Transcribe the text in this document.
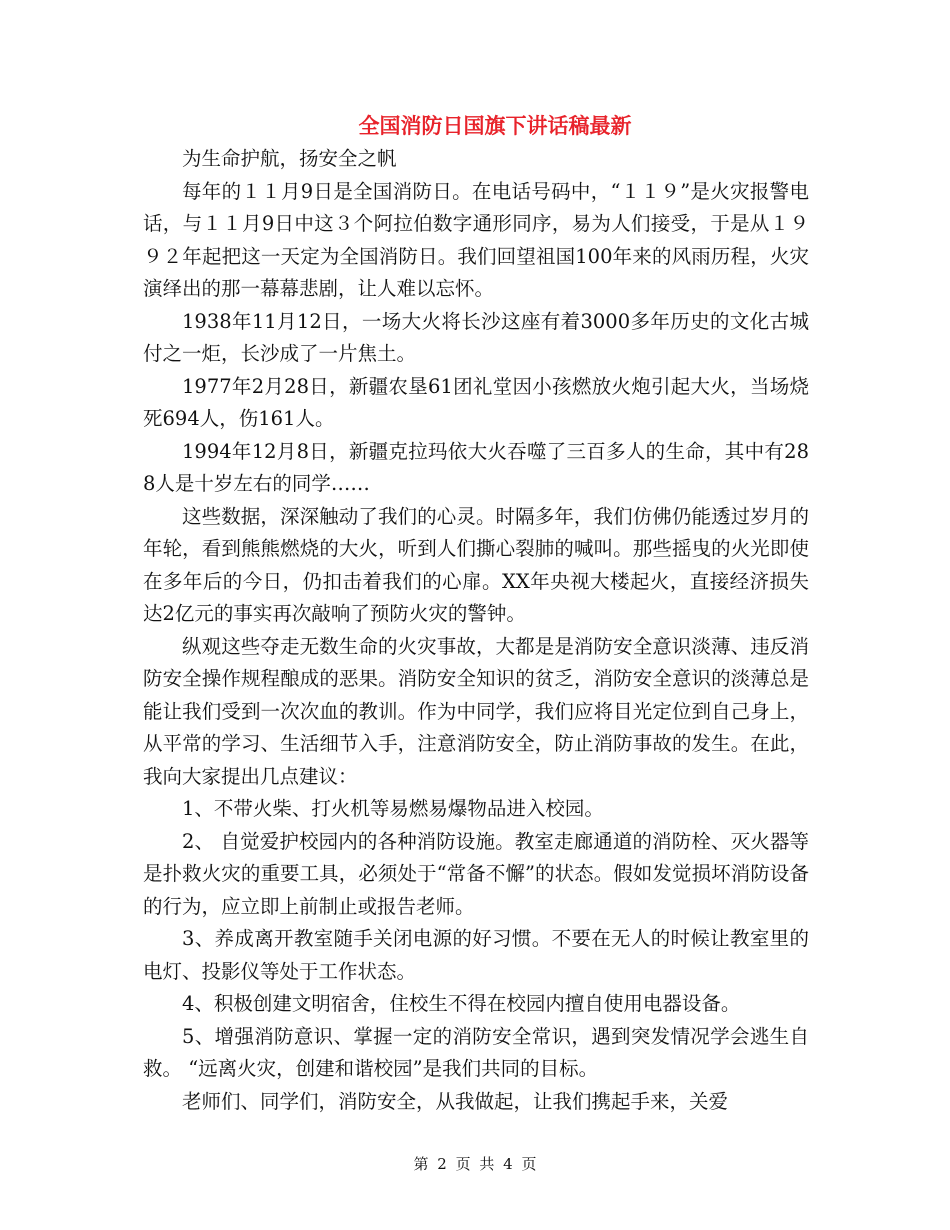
全国消防日国旗下讲话稿最新

为生命护航，扬安全之帆

每年的１１月9日是全国消防日。在电话号码中，“１１９”是火灾报警电话，与１１月9日中这３个阿拉伯数字通形同序，易为人们接受，于是从１９９２年起把这一天定为全国消防日。我们回望祖国100年来的风雨历程，火灾演绎出的那一幕幕悲剧，让人难以忘怀。

1938年11月12日，一场大火将长沙这座有着3000多年历史的文化古城付之一炬，长沙成了一片焦土。

1977年2月28日，新疆农垦61团礼堂因小孩燃放火炮引起大火，当场烧死694人，伤161人。

1994年12月8日，新疆克拉玛依大火吞噬了三百多人的生命，其中有288人是十岁左右的同学……

这些数据，深深触动了我们的心灵。时隔多年，我们仿佛仍能透过岁月的年轮，看到熊熊燃烧的大火，听到人们撕心裂肺的喊叫。那些摇曳的火光即使在多年后的今日，仍扣击着我们的心扉。XX年央视大楼起火，直接经济损失达2亿元的事实再次敲响了预防火灾的警钟。

纵观这些夺走无数生命的火灾事故，大都是是消防安全意识淡薄、违反消防安全操作规程酿成的恶果。消防安全知识的贫乏，消防安全意识的淡薄总是能让我们受到一次次血的教训。作为中同学，我们应将目光定位到自己身上，从平常的学习、生活细节入手，注意消防安全，防止消防事故的发生。在此，我向大家提出几点建议：

1、不带火柴、打火机等易燃易爆物品进入校园。

2、 自觉爱护校园内的各种消防设施。教室走廊通道的消防栓、灭火器等是扑救火灾的重要工具，必须处于“常备不懈”的状态。假如发觉损坏消防设备的行为，应立即上前制止或报告老师。

3、养成离开教室随手关闭电源的好习惯。不要在无人的时候让教室里的电灯、投影仪等处于工作状态。

4、积极创建文明宿舍，住校生不得在校园内擅自使用电器设备。

5、增强消防意识、掌握一定的消防安全常识，遇到突发情况学会逃生自救。 “远离火灾，创建和谐校园”是我们共同的目标。

老师们、同学们，消防安全，从我做起，让我们携起手来，关爱

第 2 页 共 4 页
